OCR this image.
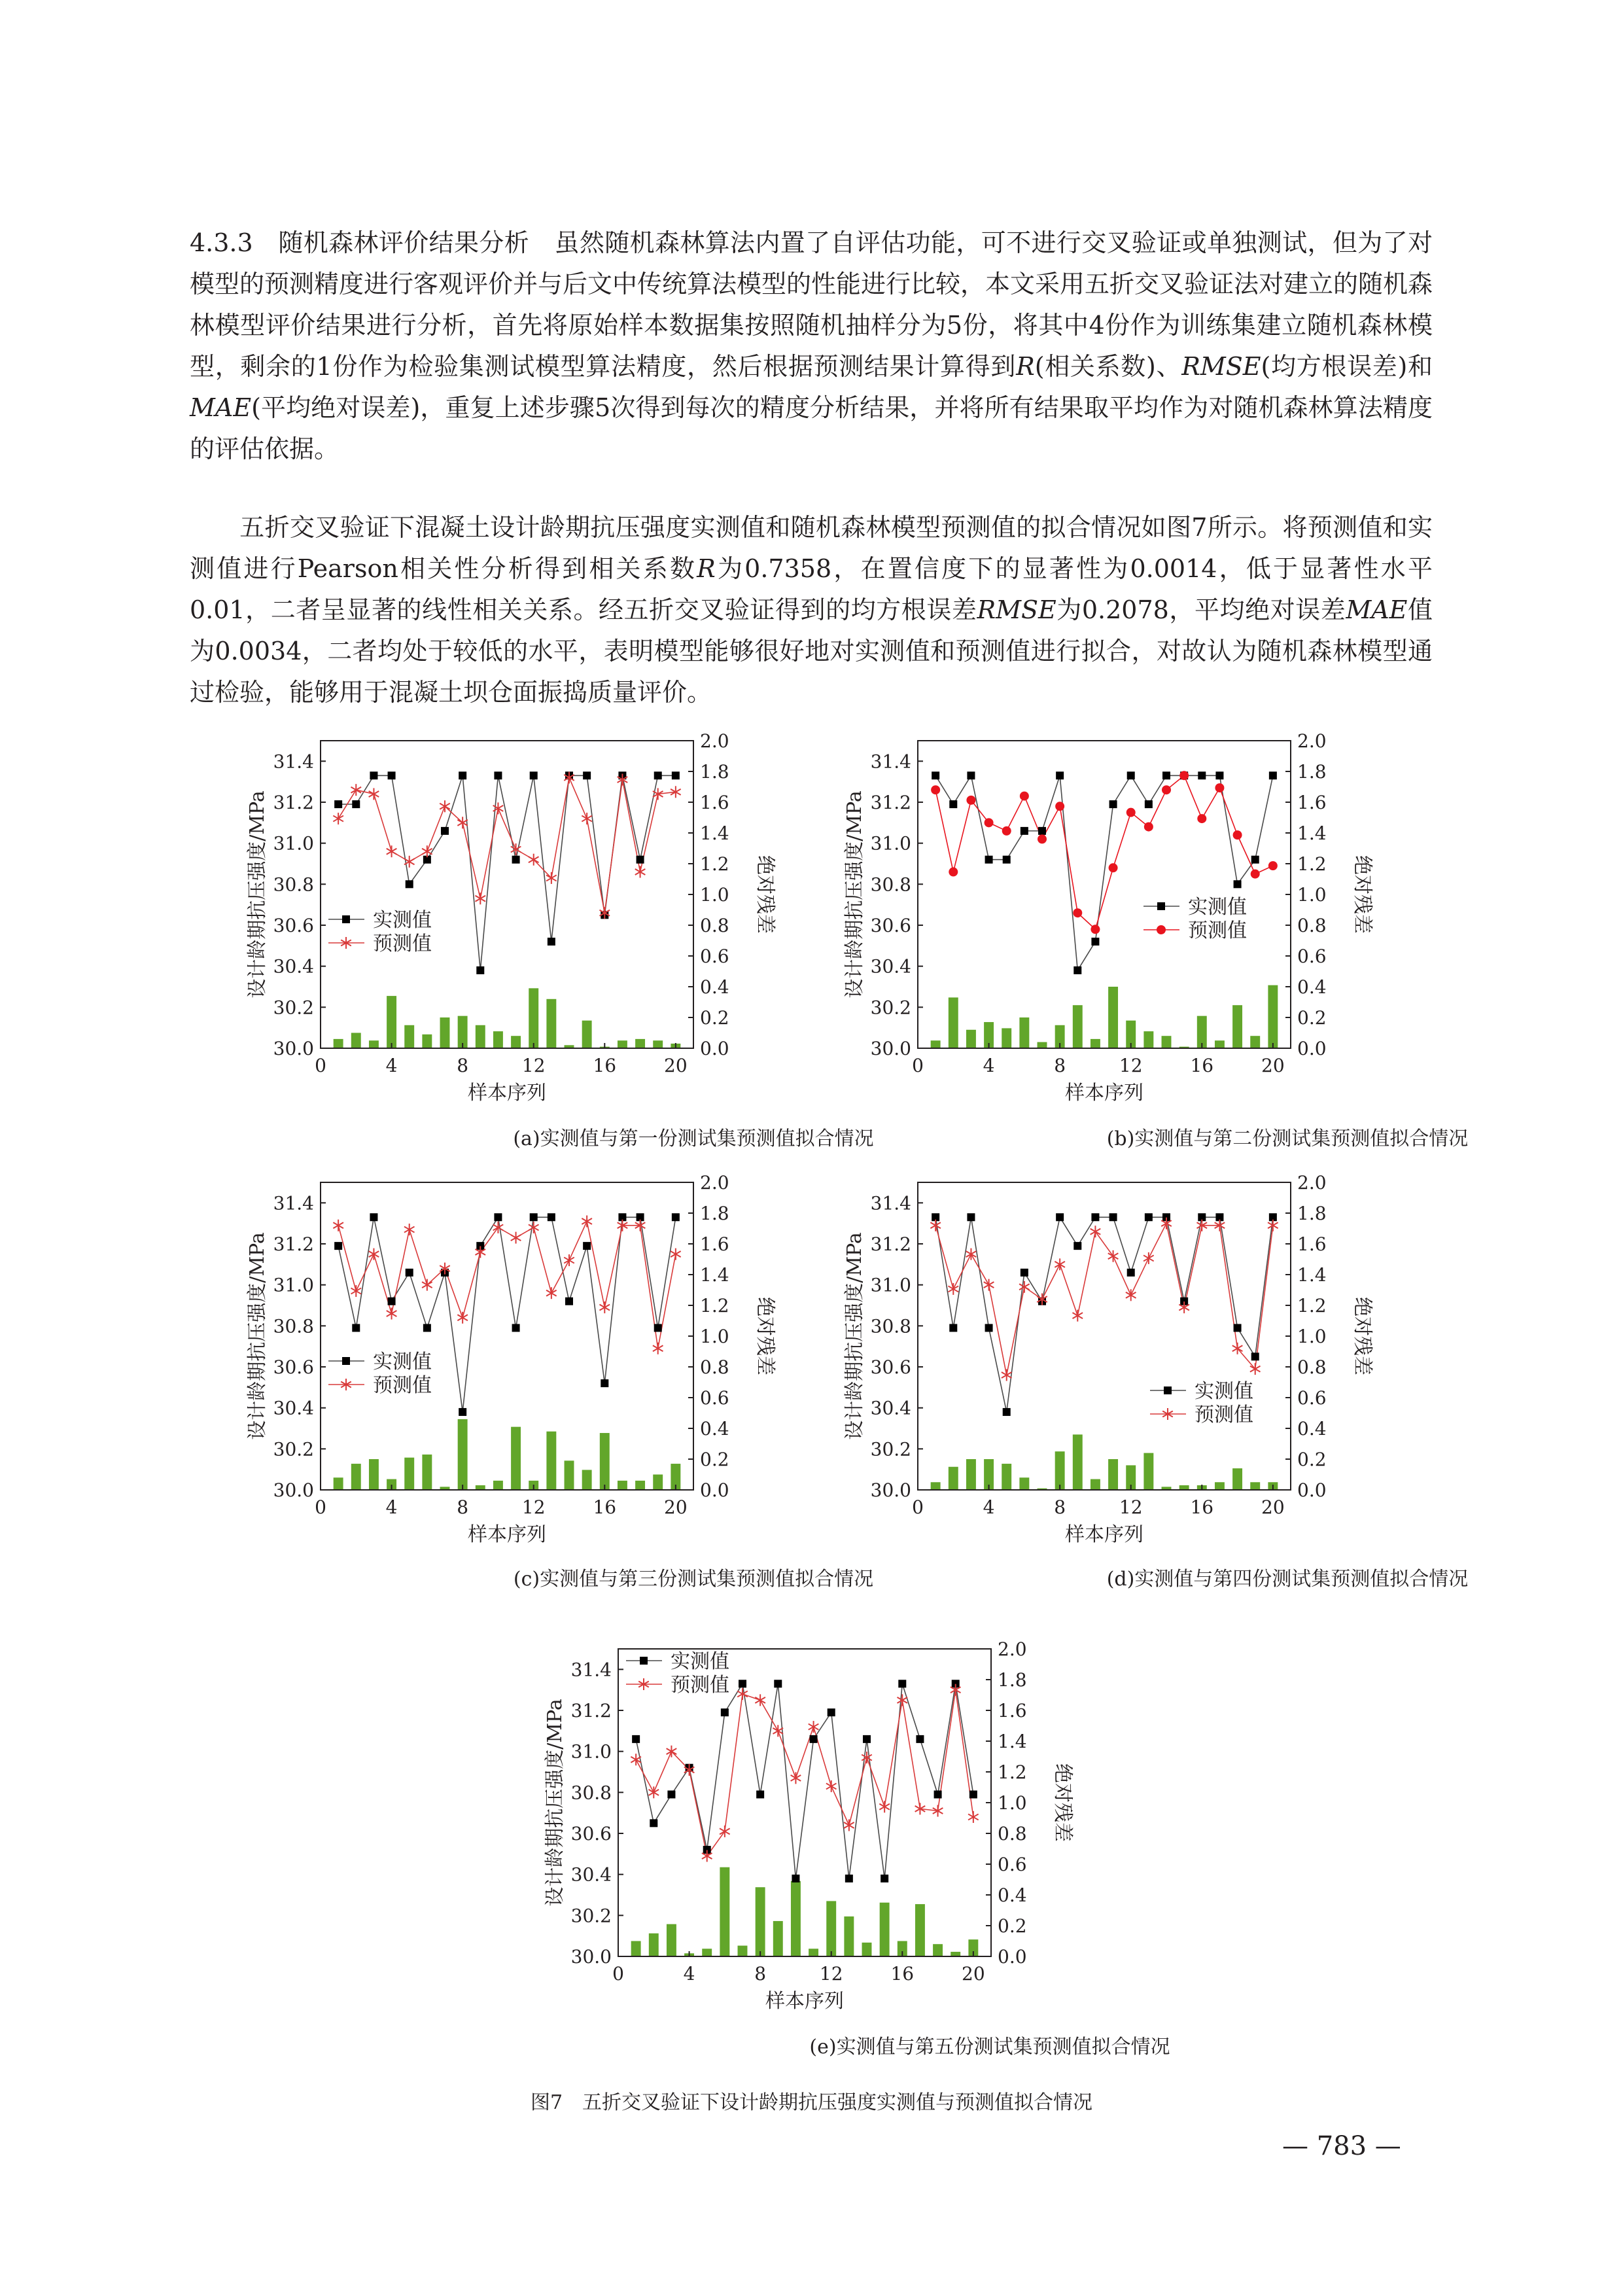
4.3.3　随机森林评价结果分析　虽然随机森林算法内置了自评估功能，可不进行交叉验证或单独测试，但为了对模型的预测精度进行客观评价并与后文中传统算法模型的性能进行比较，本文采用五折交叉验证法对建立的随机森林模型评价结果进行分析，首先将原始样本数据集按照随机抽样分为5份，将其中4份作为训练集建立随机森林模型，剩余的1份作为检验集测试模型算法精度，然后根据预测结果计算得到R(相关系数)、RMSE(均方根误差)和MAE(平均绝对误差)，重复上述步骤5次得到每次的精度分析结果，并将所有结果取平均作为对随机森林算法精度的评估依据。

五折交叉验证下混凝土设计龄期抗压强度实测值和随机森林模型预测值的拟合情况如图7所示。将预测值和实测值进行Pearson相关性分析得到相关系数R为0.7358，在置信度下的显著性为0.0014，低于显著性水平0.01，二者呈显著的线性相关关系。经五折交叉验证得到的均方根误差RMSE为0.2078，平均绝对误差MAE值为0.0034，二者均处于较低的水平，表明模型能够很好地对实测值和预测值进行拟合，对故认为随机森林模型通过检验，能够用于混凝土坝仓面振捣质量评价。

30.0
30.2
30.4
30.6
30.8
31.0
31.2
31.4
0.0
0.2
0.4
0.6
0.8
1.0
1.2
1.4
1.6
1.8
2.0
0	4	8	12	16	20
样本序列
设计龄期抗压强度/MPa	绝对残差
实测值
预测值
(a)实测值与第一份测试集预测值拟合情况
30.0
30.2
30.4
30.6
30.8
31.0
31.2
31.4
0.0
0.2
0.4
0.6
0.8
1.0
1.2
1.4
1.6
1.8
2.0
0	4	8	12	16	20
样本序列
设计龄期抗压强度/MPa	绝对残差
实测值
预测值
(b)实测值与第二份测试集预测值拟合情况
30.0
30.2
30.4
30.6
30.8
31.0
31.2
31.4
0.0
0.2
0.4
0.6
0.8
1.0
1.2
1.4
1.6
1.8
2.0
0	4	8	12	16	20
样本序列
设计龄期抗压强度/MPa	绝对残差
实测值
预测值
(c)实测值与第三份测试集预测值拟合情况
30.0
30.2
30.4
30.6
30.8
31.0
31.2
31.4
0.0
0.2
0.4
0.6
0.8
1.0
1.2
1.4
1.6
1.8
2.0
0	4	8	12	16	20
样本序列
设计龄期抗压强度/MPa	绝对残差
实测值
预测值
(d)实测值与第四份测试集预测值拟合情况
30.0
30.2
30.4
30.6
30.8
31.0
31.2
31.4
0.0
0.2
0.4
0.6
0.8
1.0
1.2
1.4
1.6
1.8
2.0
0	4	8	12	16	20
样本序列
设计龄期抗压强度/MPa	绝对残差
实测值
预测值
(e)实测值与第五份测试集预测值拟合情况
图7　五折交叉验证下设计龄期抗压强度实测值与预测值拟合情况
— 783 —
